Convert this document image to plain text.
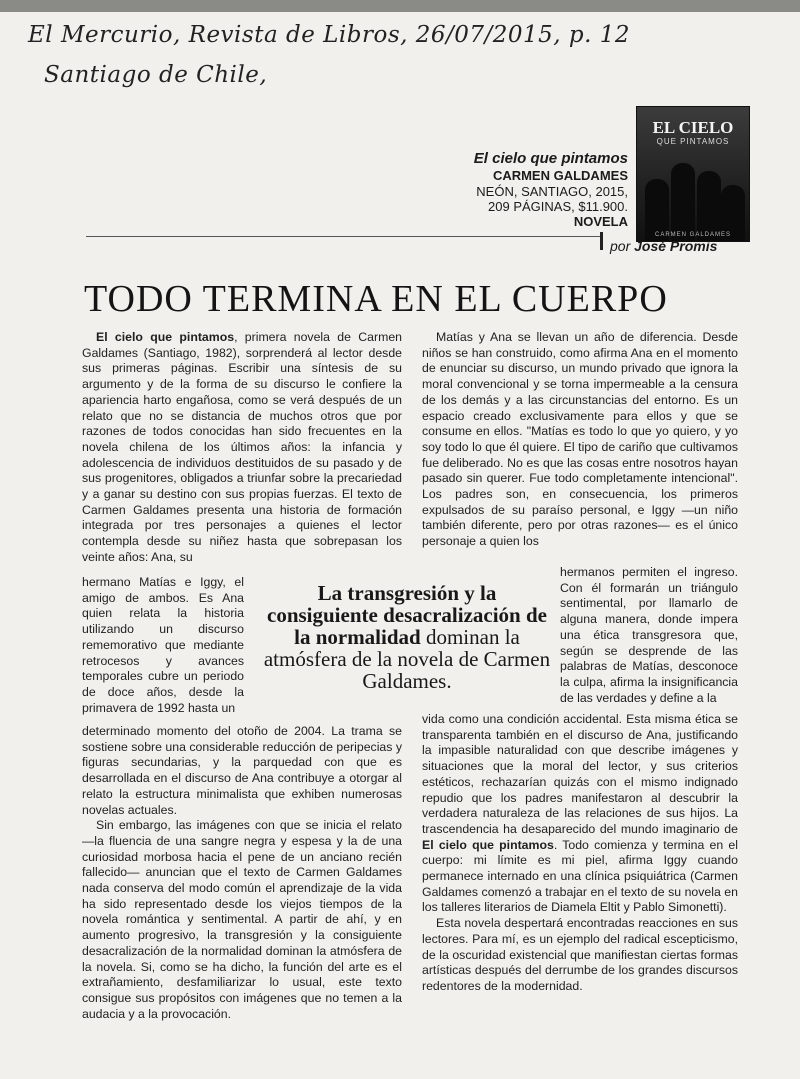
El Mercurio, Revista de Libros, 26/07/2015, p. 12
Santiago de Chile,
EL CIELO
QUE PINTAMOS
CARMEN GALDAMES
El cielo que pintamos
CARMEN GALDAMES
NEÓN, SANTIAGO, 2015,
209 PÁGINAS, $11.900.
NOVELA
por José Promis
TODO TERMINA EN EL CUERPO

El cielo que pintamos, primera novela de Carmen Galdames (Santiago, 1982), sorprenderá al lector desde sus primeras páginas. Escribir una síntesis de su argumento y de la forma de su discurso le confiere la apariencia harto engañosa, como se verá después de un relato que no se distancia de muchos otros que por razones de todos conocidas han sido frecuentes en la novela chilena de los últimos años: la infancia y adolescencia de individuos destituidos de su pasado y de sus progenitores, obligados a triunfar sobre la precariedad y a ganar su destino con sus propias fuerzas. El texto de Carmen Galdames presenta una historia de formación integrada por tres personajes a quienes el lector contempla desde su niñez hasta que sobrepasan los veinte años: Ana, su

hermano Matías e Iggy, el amigo de ambos. Es Ana quien relata la historia utilizando un discurso rememorativo que mediante retrocesos y avances temporales cubre un periodo de doce años, desde la primavera de 1992 hasta un

determinado momento del otoño de 2004. La trama se sostiene sobre una considerable reducción de peripecias y figuras secundarias, y la parquedad con que es desarrollada en el discurso de Ana contribuye a otorgar al relato la estructura minimalista que exhiben numerosas novelas actuales.

Sin embargo, las imágenes con que se inicia el relato —la fluencia de una sangre negra y espesa y la de una curiosidad morbosa hacia el pene de un anciano recién fallecido— anuncian que el texto de Carmen Galdames nada conserva del modo común el aprendizaje de la vida ha sido representado desde los viejos tiempos de la novela romántica y sentimental. A partir de ahí, y en aumento progresivo, la transgresión y la consiguiente desacralización de la normalidad dominan la atmósfera de la novela. Si, como se ha dicho, la función del arte es el extrañamiento, desfamiliarizar lo usual, este texto consigue sus propósitos con imágenes que no temen a la audacia y a la provocación.

Matías y Ana se llevan un año de diferencia. Desde niños se han construido, como afirma Ana en el momento de enunciar su discurso, un mundo privado que ignora la moral convencional y se torna impermeable a la censura de los demás y a las circunstancias del entorno. Es un espacio creado exclusivamente para ellos y que se consume en ellos. "Matías es todo lo que yo quiero, y yo soy todo lo que él quiere. El tipo de cariño que cultivamos fue deliberado. No es que las cosas entre nosotros hayan pasado sin querer. Fue todo completamente intencional". Los padres son, en consecuencia, los primeros expulsados de su paraíso personal, e Iggy —un niño también diferente, pero por otras razones— es el único personaje a quien los

hermanos permiten el ingreso. Con él formarán un triángulo sentimental, por llamarlo de alguna manera, donde impera una ética transgresora que, según se desprende de las palabras de Matías, desconoce la culpa, afirma la insignificancia de las verdades y define a la

vida como una condición accidental. Esta misma ética se transparenta también en el discurso de Ana, justificando la impasible naturalidad con que describe imágenes y situaciones que la moral del lector, y sus criterios estéticos, rechazarían quizás con el mismo indignado repudio que los padres manifestaron al descubrir la verdadera naturaleza de las relaciones de sus hijos. La trascendencia ha desaparecido del mundo imaginario de El cielo que pintamos. Todo comienza y termina en el cuerpo: mi límite es mi piel, afirma Iggy cuando permanece internado en una clínica psiquiátrica (Carmen Galdames comenzó a trabajar en el texto de su novela en los talleres literarios de Diamela Eltit y Pablo Simonetti).

Esta novela despertará encontradas reacciones en sus lectores. Para mí, es un ejemplo del radical escepticismo, de la oscuridad existencial que manifiestan ciertas formas artísticas después del derrumbe de los grandes discursos redentores de la modernidad.

La transgresión y la consiguiente desacralización de la normalidad dominan la atmósfera de la novela de Carmen Galdames.
